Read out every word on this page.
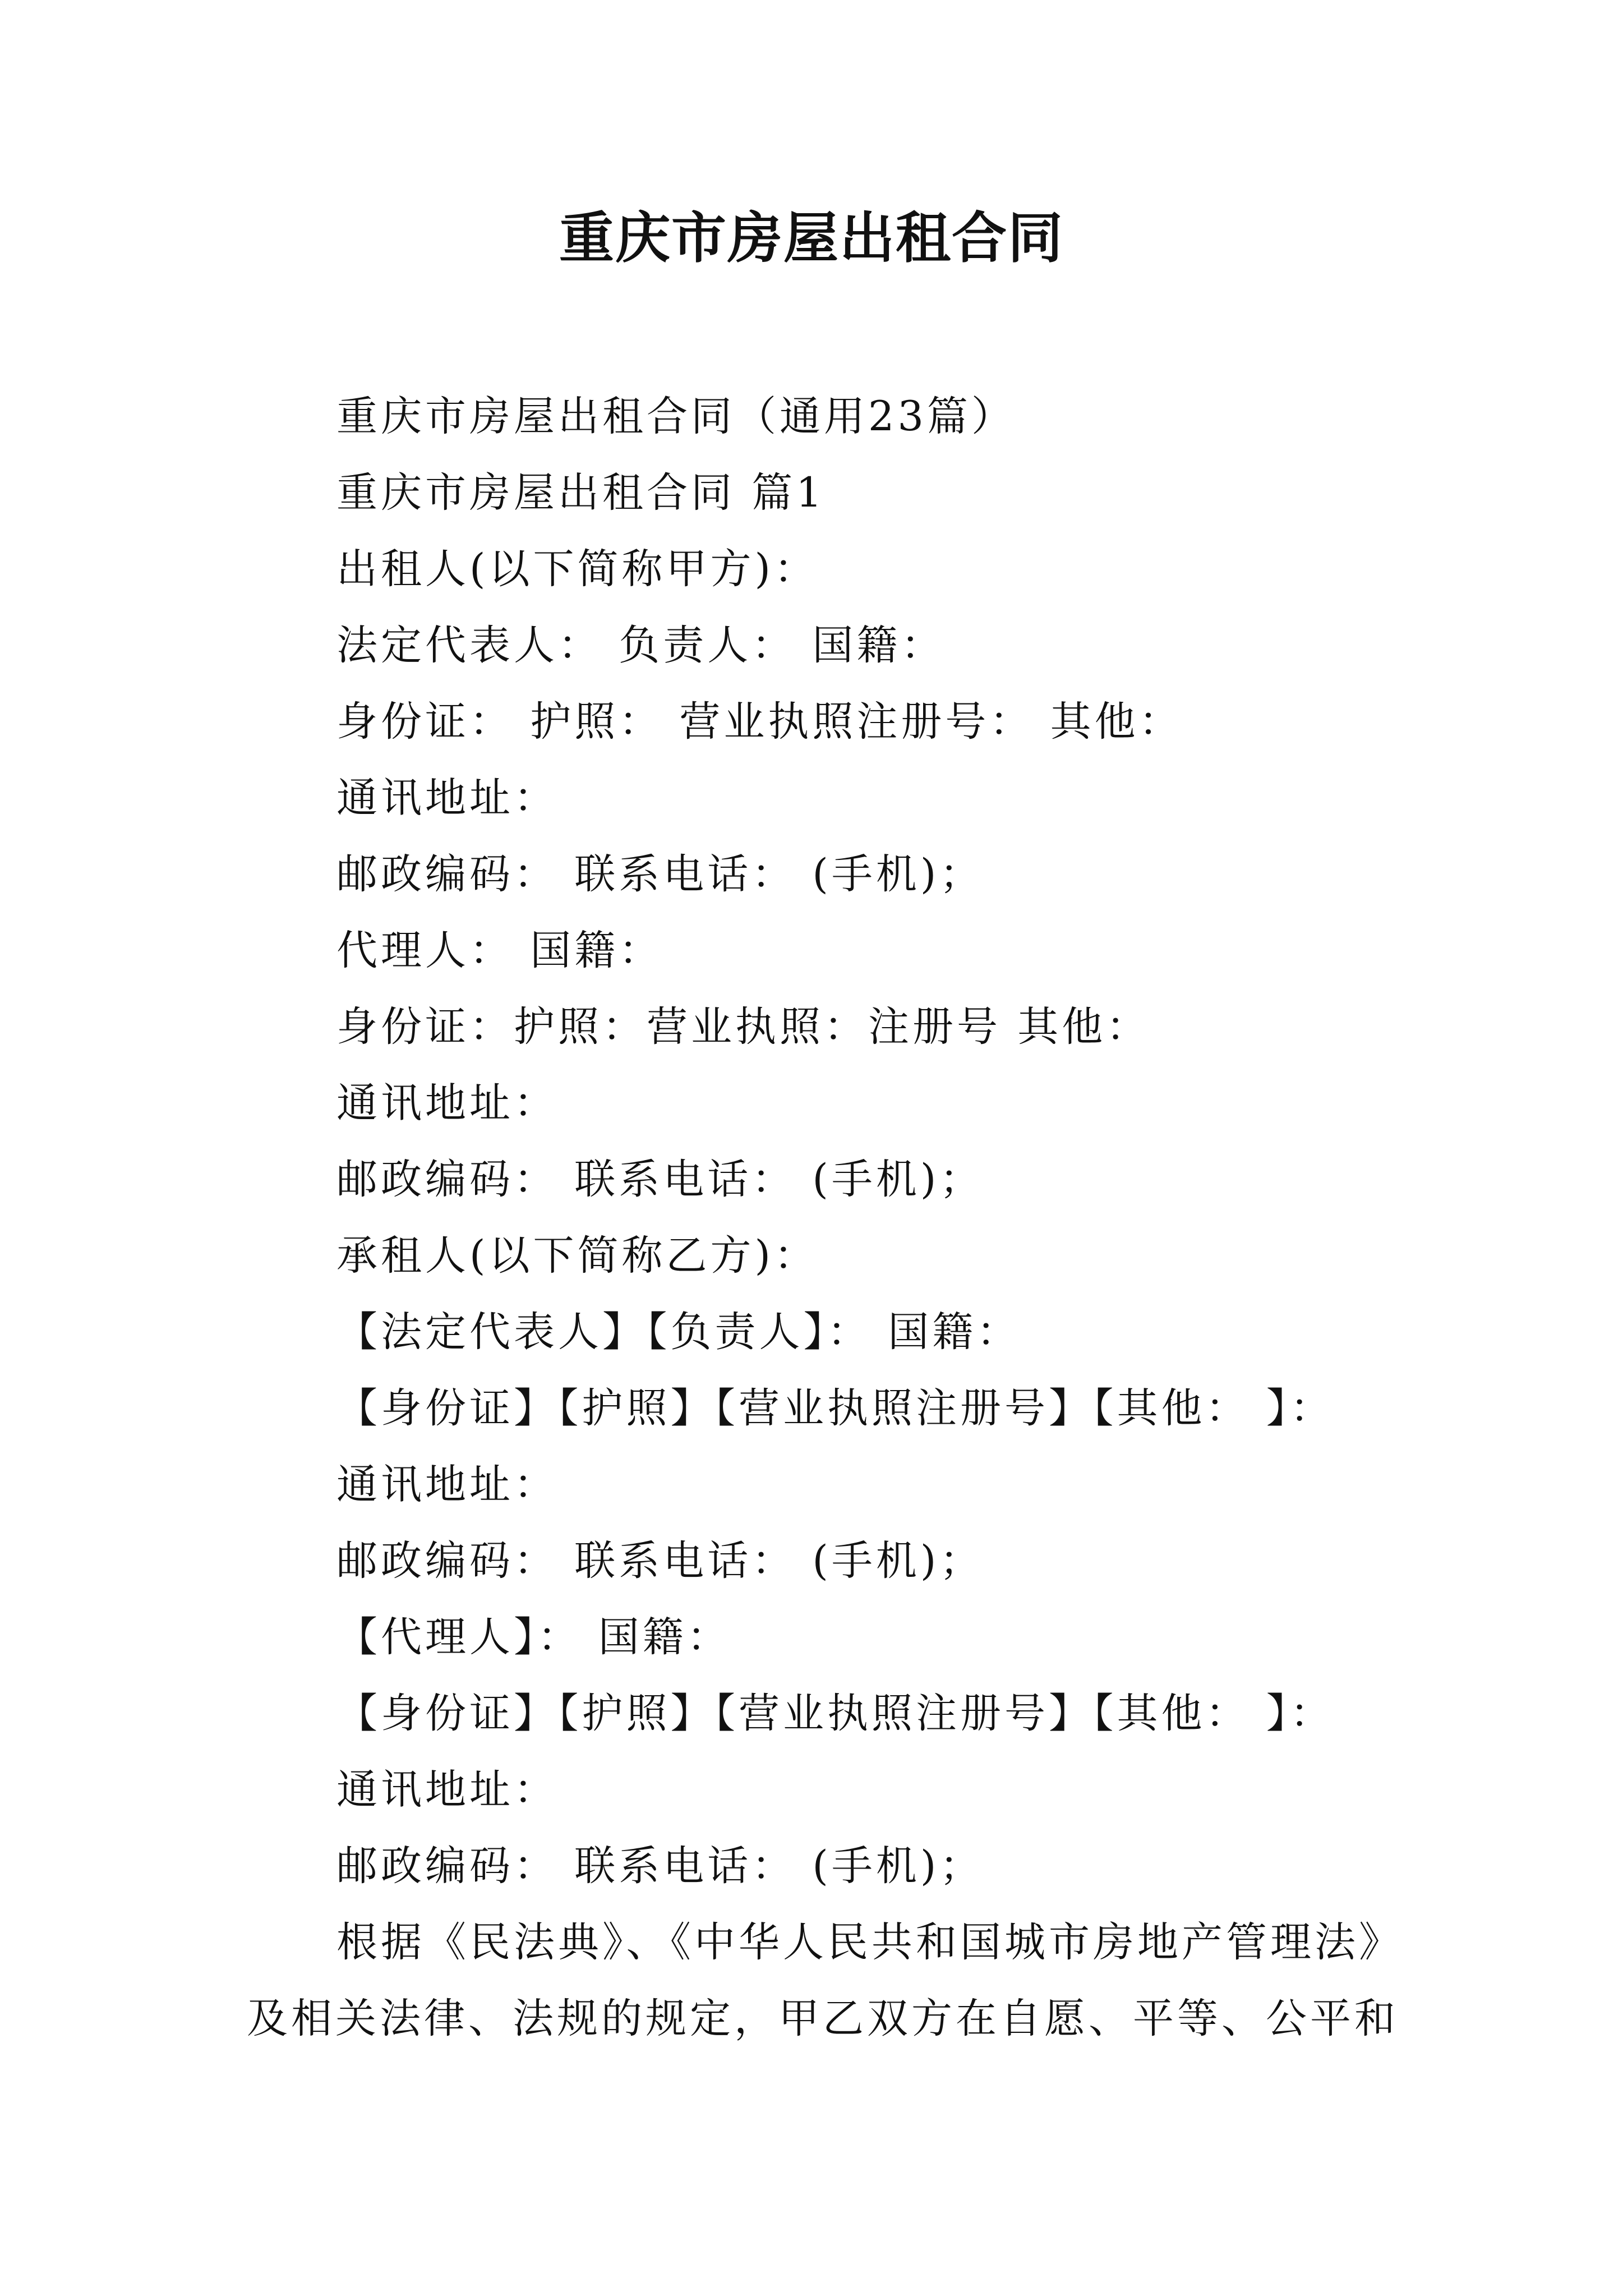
重庆市房屋出租合同
重庆市房屋出租合同（通用23篇）
重庆市房屋出租合同 篇1
出租人(以下简称甲方)：
法定代表人： 负责人： 国籍：
身份证： 护照： 营业执照注册号： 其他：
通讯地址：
邮政编码： 联系电话： (手机)；
代理人： 国籍：
身份证：护照：营业执照：注册号 其他：
通讯地址：
邮政编码： 联系电话： (手机)；
承租人(以下简称乙方)：
【法定代表人】【负责人】： 国籍：
【身份证】【护照】【营业执照注册号】【其他： 】：
通讯地址：
邮政编码： 联系电话： (手机)；
【代理人】： 国籍：
【身份证】【护照】【营业执照注册号】【其他： 】：
通讯地址：
邮政编码： 联系电话： (手机)；
根据《民法典》、《中华人民共和国城市房地产管理法》
及相关法律、法规的规定，甲乙双方在自愿、平等、公平和
